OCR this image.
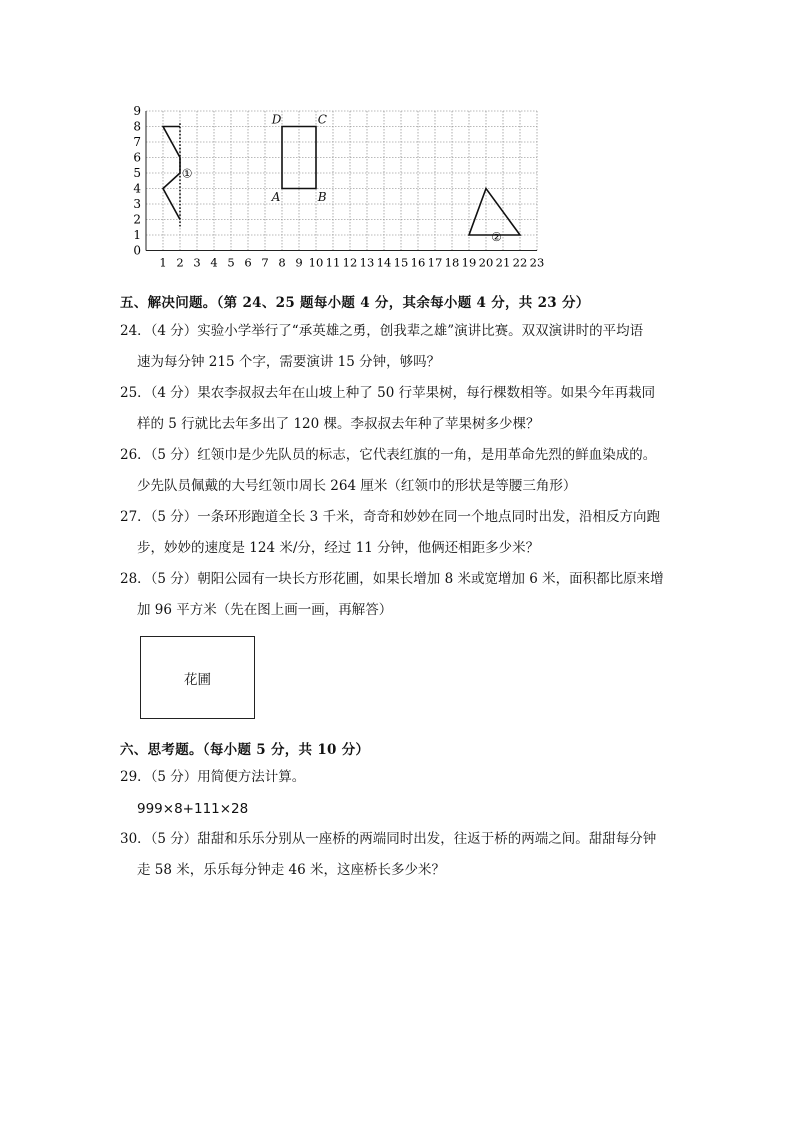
0
1
2
3
4
5
6
7
8
9
1 2 3 4 5 6 7 8 9 10 11 12 13 14 15 16 17 18 19 20 21 22 23
①
②
A	B
C
D
五、解决问题。（第 24、25 题每小题 4 分，其余每小题 4 分，共 23 分）
24．（4 分）实验小学举行了“承英雄之勇，创我辈之雄”演讲比赛。双双演讲时的平均语
速为每分钟 215 个字，需要演讲 15 分钟，够吗？
25．（4 分）果农李叔叔去年在山坡上种了 50 行苹果树，每行棵数相等。如果今年再栽同
样的 5 行就比去年多出了 120 棵。李叔叔去年种了苹果树多少棵？
26．（5 分）红领巾是少先队员的标志，它代表红旗的一角，是用革命先烈的鲜血染成的。
少先队员佩戴的大号红领巾周长 264 厘米（红领巾的形状是等腰三角形）
27．（5 分）一条环形跑道全长 3 千米，奇奇和妙妙在同一个地点同时出发，沿相反方向跑
步，妙妙的速度是 124 米/分，经过 11 分钟，他俩还相距多少米？
28．（5 分）朝阳公园有一块长方形花圃，如果长增加 8 米或宽增加 6 米，面积都比原来增
加 96 平方米（先在图上画一画，再解答）
花圃
六、思考题。（每小题 5 分，共 10 分）
29．（5 分）用简便方法计算。
999×8+111×28
30．（5 分）甜甜和乐乐分别从一座桥的两端同时出发，往返于桥的两端之间。甜甜每分钟
走 58 米，乐乐每分钟走 46 米，这座桥长多少米？
